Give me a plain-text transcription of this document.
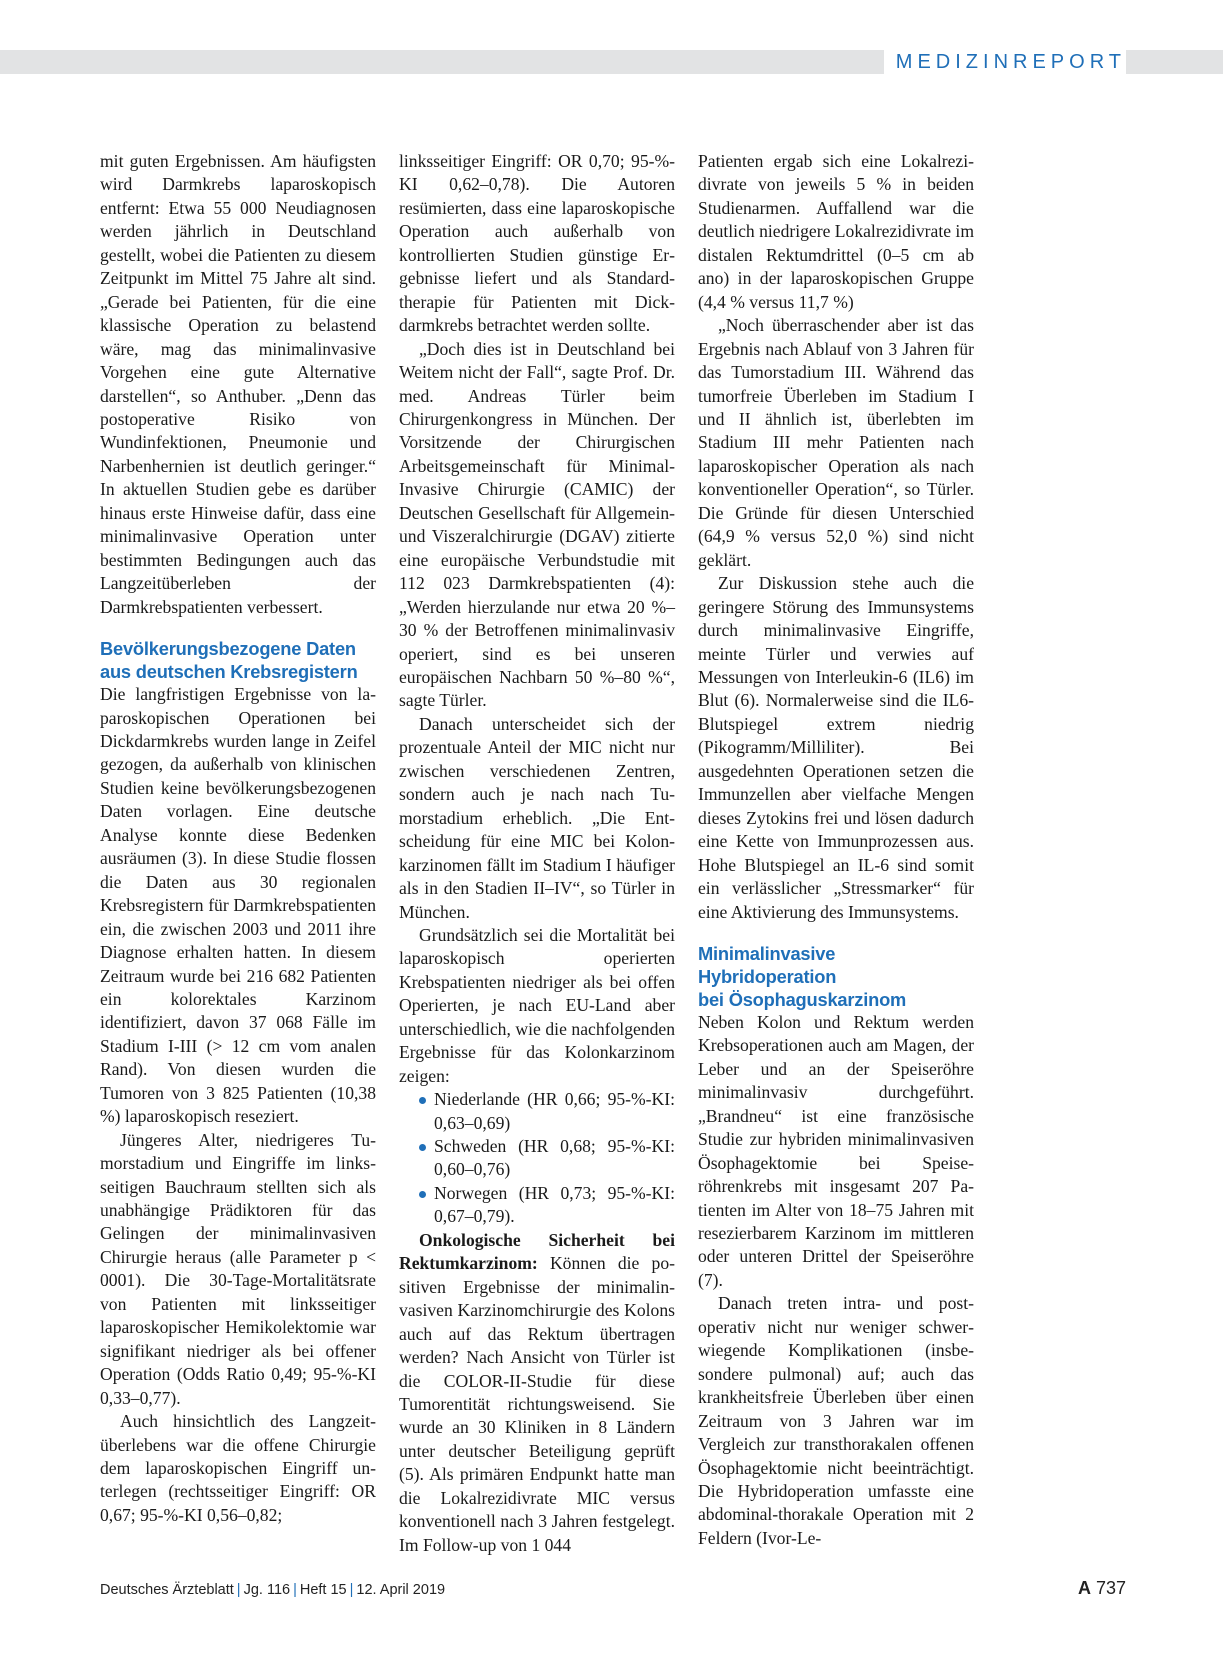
MEDIZINREPORT

mit guten Ergebnissen. Am häufigsten wird Darmkrebs laparoskopisch entfernt: Etwa 55 000 Neudiagnosen werden jährlich in Deutschland gestellt, wobei die Patienten zu diesem Zeitpunkt im Mittel 75 Jahre alt sind. „Gerade bei Patienten, für die eine klassische Operation zu belastend wäre, mag das minimalinvasive Vorgehen eine gute Alternative darstellen“, so Anthuber. „Denn das postoperative Risiko von Wundinfektionen, Pneumonie und Narbenhernien ist deutlich geringer.“ In aktuellen Studien gebe es darüber hinaus erste Hinweise dafür, dass eine minimalinvasive Operation unter bestimmten Bedingungen auch das Langzeitüberleben der Darmkrebspatienten verbessert.

Bevölkerungsbezogene Daten
aus deutschen Krebsregistern

Die langfristigen Ergebnisse von laparoskopischen Operationen bei Dickdarmkrebs wurden lange in Zeifel gezogen, da außerhalb von klinischen Studien keine bevölkerungsbezogenen Daten vorlagen. Eine deutsche Analyse konnte diese Bedenken ausräumen (3). In diese Studie flossen die Daten aus 30 regionalen Krebsregistern für Darmkrebspatienten ein, die zwischen 2003 und 2011 ihre Diagnose erhalten hatten. In diesem Zeitraum wurde bei 216 682 Patienten ein kolorektales Karzinom identifiziert, davon 37 068 Fälle im Stadium I-III (> 12 cm vom analen Rand). Von diesen wurden die Tumoren von 3 825 Patienten (10,38 %) laparoskopisch reseziert.

Jüngeres Alter, niedrigeres Tumorstadium und Eingriffe im linksseitigen Bauchraum stellten sich als unabhängige Prädiktoren für das Gelingen der minimalinvasiven Chirurgie heraus (alle Parameter p < 0001). Die 30-Tage-Mortalitätsrate von Patienten mit linksseitiger laparoskopischer Hemikolektomie war signifikant niedriger als bei offener Operation (Odds Ratio 0,49; 95-%-KI 0,33–0,77).

Auch hinsichtlich des Langzeitüberlebens war die offene Chirurgie dem laparoskopischen Eingriff unterlegen (rechtsseitiger Eingriff: OR 0,67; 95-%-KI 0,56–0,82;

linksseitiger Eingriff: OR 0,70; 95-%-KI 0,62–0,78). Die Autoren resümierten, dass eine laparoskopische Operation auch außerhalb von kontrollierten Studien günstige Ergebnisse liefert und als Standardtherapie für Patienten mit Dickdarmkrebs betrachtet werden sollte.

„Doch dies ist in Deutschland bei Weitem nicht der Fall“, sagte Prof. Dr. med. Andreas Türler beim Chirurgenkongress in München. Der Vorsitzende der Chirurgischen Arbeitsgemeinschaft für Minimal-Invasive Chirurgie (CAMIC) der Deutschen Gesellschaft für Allgemein- und Viszeralchirurgie (DGAV) zitierte eine europäische Verbundstudie mit 112 023 Darmkrebspatienten (4): „Werden hierzulande nur etwa 20 %–30 % der Betroffenen minimalinvasiv operiert, sind es bei unseren europäischen Nachbarn 50 %–80 %“, sagte Türler.

Danach unterscheidet sich der prozentuale Anteil der MIC nicht nur zwischen verschiedenen Zentren, sondern auch je nach nach Tumorstadium erheblich. „Die Entscheidung für eine MIC bei Kolonkarzinomen fällt im Stadium I häufiger als in den Stadien II–IV“, so Türler in München.

Grundsätzlich sei die Mortalität bei laparoskopisch operierten Krebspatienten niedriger als bei offen Operierten, je nach EU-Land aber unterschiedlich, wie die nachfolgenden Ergebnisse für das Kolonkarzinom zeigen:

Niederlande (HR 0,66; 95-%-KI: 0,63–0,69)
Schweden (HR 0,68; 95-%-KI: 0,60–0,76)
Norwegen (HR 0,73; 95-%-KI: 0,67–0,79).

Onkologische Sicherheit bei Rektumkarzinom: Können die positiven Ergebnisse der minimalinvasiven Karzinomchirurgie des Kolons auch auf das Rektum übertragen werden? Nach Ansicht von Türler ist die COLOR-II-Studie für diese Tumorentität richtungsweisend. Sie wurde an 30 Kliniken in 8 Ländern unter deutscher Beteiligung geprüft (5). Als primären Endpunkt hatte man die Lokalrezidivrate MIC versus konventionell nach 3 Jahren festgelegt. Im Follow-up von 1 044

Patienten ergab sich eine Lokalrezidivrate von jeweils 5 % in beiden Studienarmen. Auffallend war die deutlich niedrigere Lokalrezidivrate im distalen Rektumdrittel (0–5 cm ab ano) in der laparoskopischen Gruppe (4,4 % versus 11,7 %)

„Noch überraschender aber ist das Ergebnis nach Ablauf von 3 Jahren für das Tumorstadium III. Während das tumorfreie Überleben im Stadium I und II ähnlich ist, überlebten im Stadium III mehr Patienten nach laparoskopischer Operation als nach konventioneller Operation“, so Türler. Die Gründe für diesen Unterschied (64,9 % versus 52,0 %) sind nicht geklärt.

Zur Diskussion stehe auch die geringere Störung des Immunsystems durch minimalinvasive Eingriffe, meinte Türler und verwies auf Messungen von Interleukin-6 (IL6) im Blut (6). Normalerweise sind die IL6-Blutspiegel extrem niedrig (Pikogramm/Milliliter). Bei ausgedehnten Operationen setzen die Immunzellen aber vielfache Mengen dieses Zytokins frei und lösen dadurch eine Kette von Immunprozessen aus. Hohe Blutspiegel an IL-6 sind somit ein verlässlicher „Stressmarker“ für eine Aktivierung des Immunsystems.

Minimalinvasive Hybridoperation
bei Ösophaguskarzinom

Neben Kolon und Rektum werden Krebsoperationen auch am Magen, der Leber und an der Speiseröhre minimalinvasiv durchgeführt. „Brandneu“ ist eine französische Studie zur hybriden minimalinvasiven Ösophagektomie bei Speiseröhrenkrebs mit insgesamt 207 Patienten im Alter von 18–75 Jahren mit resezierbarem Karzinom im mittleren oder unteren Drittel der Speiseröhre (7).

Danach treten intra- und postoperativ nicht nur weniger schwerwiegende Komplikationen (insbesondere pulmonal) auf; auch das krankheitsfreie Überleben über einen Zeitraum von 3 Jahren war im Vergleich zur transthorakalen offenen Ösophagektomie nicht beeinträchtigt. Die Hybridoperation umfasste eine abdominal-thorakale Operation mit 2 Feldern (Ivor-Le-

Deutsches Ärzteblatt | Jg. 116 | Heft 15 | 12. April 2019	A 737
